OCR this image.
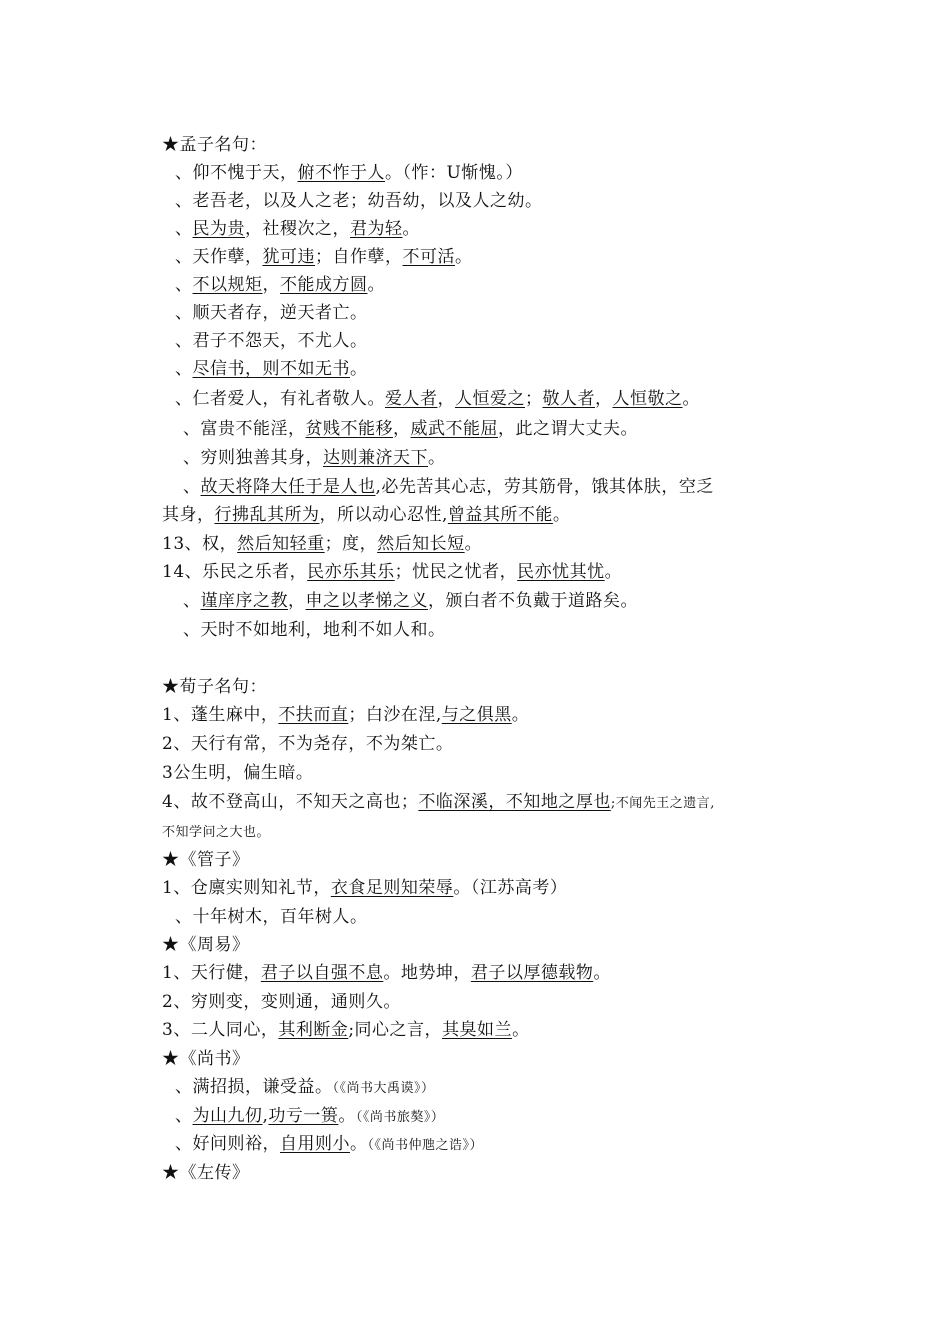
★孟子名句：
、仰不愧于天，俯不怍于人。（怍：U惭愧。）
、老吾老，以及人之老；幼吾幼，以及人之幼。
、民为贵，社稷次之，君为轻。
、天作孽，犹可违；自作孽，不可活。
、不以规矩，不能成方圆。
、顺天者存，逆天者亡。
、君子不怨天，不尤人。
、尽信书，则不如无书。
、仁者爱人，有礼者敬人。爱人者，人恒爱之；敬人者，人恒敬之。
、富贵不能淫，贫贱不能移，威武不能屈，此之谓大丈夫。
、穷则独善其身，达则兼济天下。
、故天将降大任于是人也,必先苦其心志，劳其筋骨，饿其体肤，空乏
其身，行拂乱其所为，所以动心忍性,曾益其所不能。
13、权，然后知轻重；度，然后知长短。
14、乐民之乐者，民亦乐其乐；忧民之忧者，民亦忧其忧。
、谨庠序之教，申之以孝悌之义，颁白者不负戴于道路矣。
、天时不如地利，地利不如人和。
★荀子名句：
1、蓬生麻中，不扶而直；白沙在涅,与之俱黑。
2、天行有常，不为尧存，不为桀亡。
3公生明，偏生暗。
4、故不登高山，不知天之高也；不临深溪，不知地之厚也;不闻先王之遗言,
不知学问之大也。
★《管子》
1、仓廪实则知礼节，衣食足则知荣辱。（江苏高考）
、十年树木，百年树人。
★《周易》
1、天行健，君子以自强不息。地势坤，君子以厚德载物。
2、穷则变，变则通，通则久。
3、二人同心，其利断金;同心之言，其臭如兰。
★《尚书》
、满招损，谦受益。（《尚书大禹谟》）
、为山九仞,功亏一篑。（《尚书旅獒》）
、好问则裕，自用则小。（《尚书仲虺之诰》）
★《左传》
